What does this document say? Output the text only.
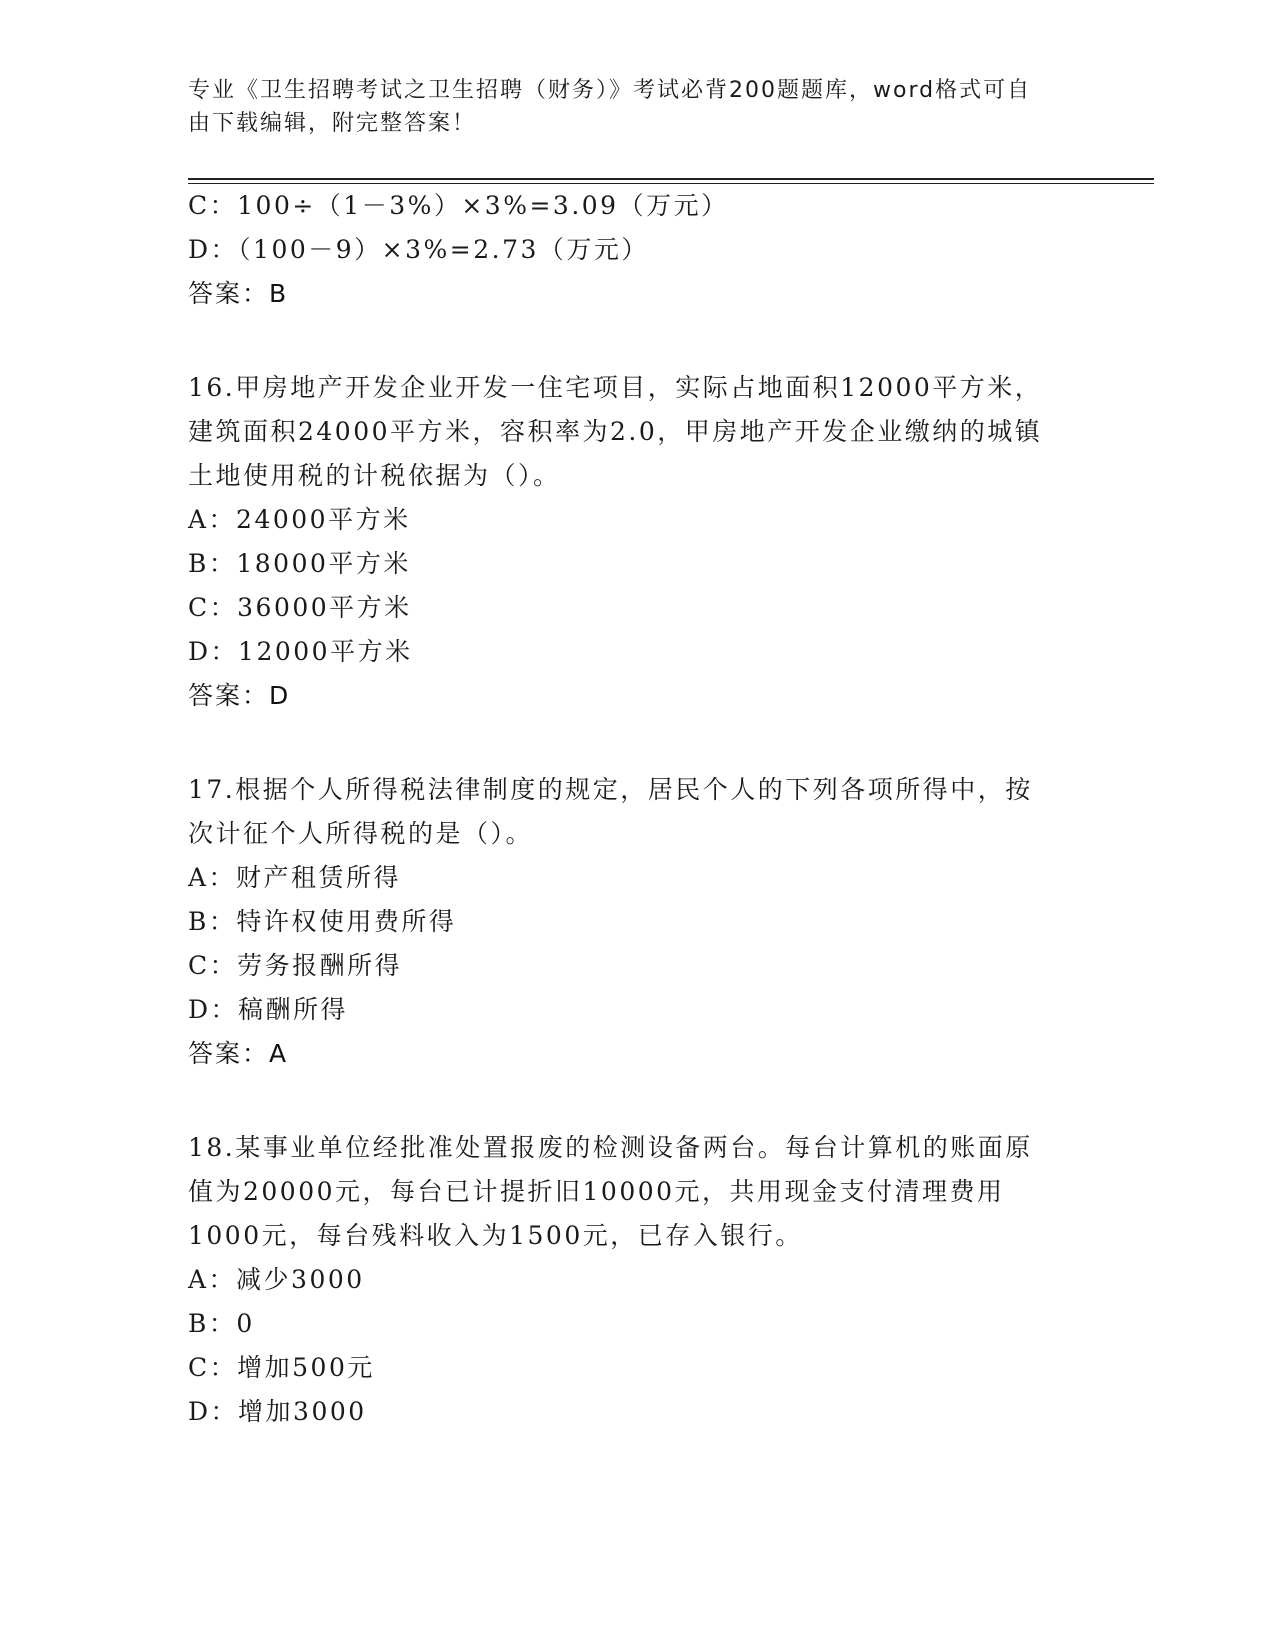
专业《卫生招聘考试之卫生招聘（财务）》考试必背200题题库，word格式可自
由下载编辑，附完整答案！
C：100÷（1－3%）×3%=3.09（万元）
D：（100－9）×3%=2.73（万元）
答案：B
16.甲房地产开发企业开发一住宅项目，实际占地面积12000平方米，
建筑面积24000平方米，容积率为2.0，甲房地产开发企业缴纳的城镇
土地使用税的计税依据为（）。
A：24000平方米
B：18000平方米
C：36000平方米
D：12000平方米
答案：D
17.根据个人所得税法律制度的规定，居民个人的下列各项所得中，按
次计征个人所得税的是（）。
A：财产租赁所得
B：特许权使用费所得
C：劳务报酬所得
D：稿酬所得
答案：A
18.某事业单位经批准处置报废的检测设备两台。每台计算机的账面原
值为20000元，每台已计提折旧10000元，共用现金支付清理费用
1000元，每台残料收入为1500元，已存入银行。
A：减少3000
B：0
C：增加500元
D：增加3000
